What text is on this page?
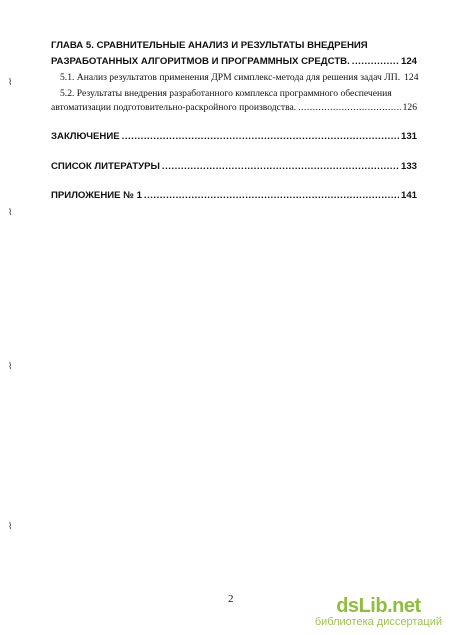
ГЛАВА 5. СРАВНИТЕЛЬНЫЕ АНАЛИЗ И РЕЗУЛЬТАТЫ ВНЕДРЕНИЯ
РАЗРАБОТАННЫХ АЛГОРИТМОВ И ПРОГРАММНЫХ СРЕДСТВ. .....	124
5.1. Анализ результатов применения ДРМ симплекс-метода для решения задач ЛП. 124
5.2. Результаты внедрения разработанного комплекса программного обеспечения
автоматизации подготовительно-раскройного производства. .....	126
ЗАКЛЮЧЕНИЕ .....	131
СПИСОК ЛИТЕРАТУРЫ .....	133
ПРИЛОЖЕНИЕ № 1 .....	141
⌇
⌇
⌇
⌇
2	dsLib.net
библиотека диссертаций
